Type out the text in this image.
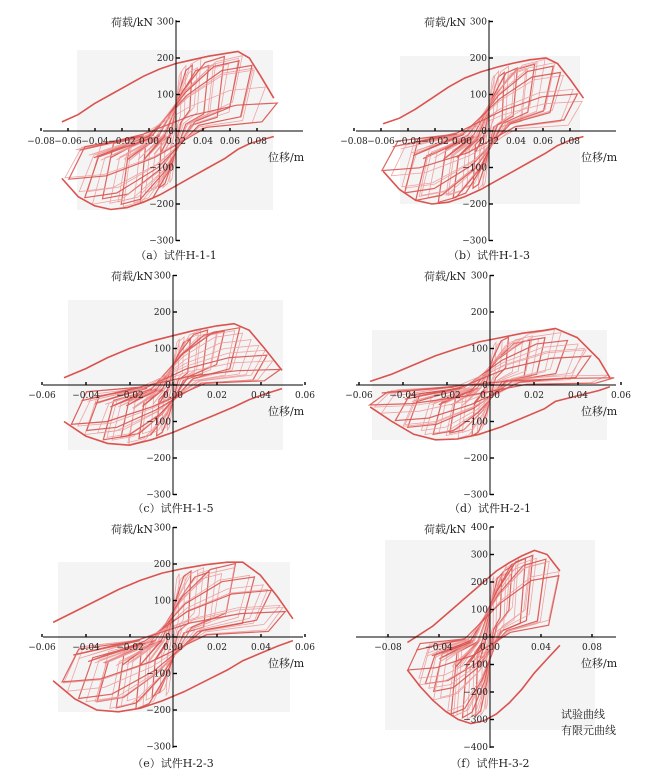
−0.08 −0.06 −0.04 −0.02 0.00 0.02 0.04 0.06 0.08
−300
−200
−100
0
100
200
300
荷载/kN
位移/m
（a）试件H-1-1
−0.08 −0.06 −0.04 −0.02 0.00 0.02 0.04 0.06 0.08
−300
−200
−100
0
100
200
300
荷载/kN
位移/m
（b）试件H-1-3
−0.06 −0.04 −0.02 0.00	0.02	0.04	0.06
−300
−200
−100
0
100
200
300
荷载/kN
位移/m
（c）试件H-1-5
−0.06 −0.04 −0.02 0.00	0.02	0.04	0.06
−300
−200
−100
0
100
200
300
荷载/kN
位移/m
（d）试件H-2-1
−0.06 −0.04 −0.02 0.00	0.02	0.04	0.06
−300
−200
−100
0
100
200
300
荷载/kN
位移/m
（e）试件H-2-3
−0.08	−0.04	0.00	0.04	0.08
−400
−300
−200
−100
0
100
200
300
400
荷载/kN
位移/m
（f）试件H-3-2
试验曲线
有限元曲线
